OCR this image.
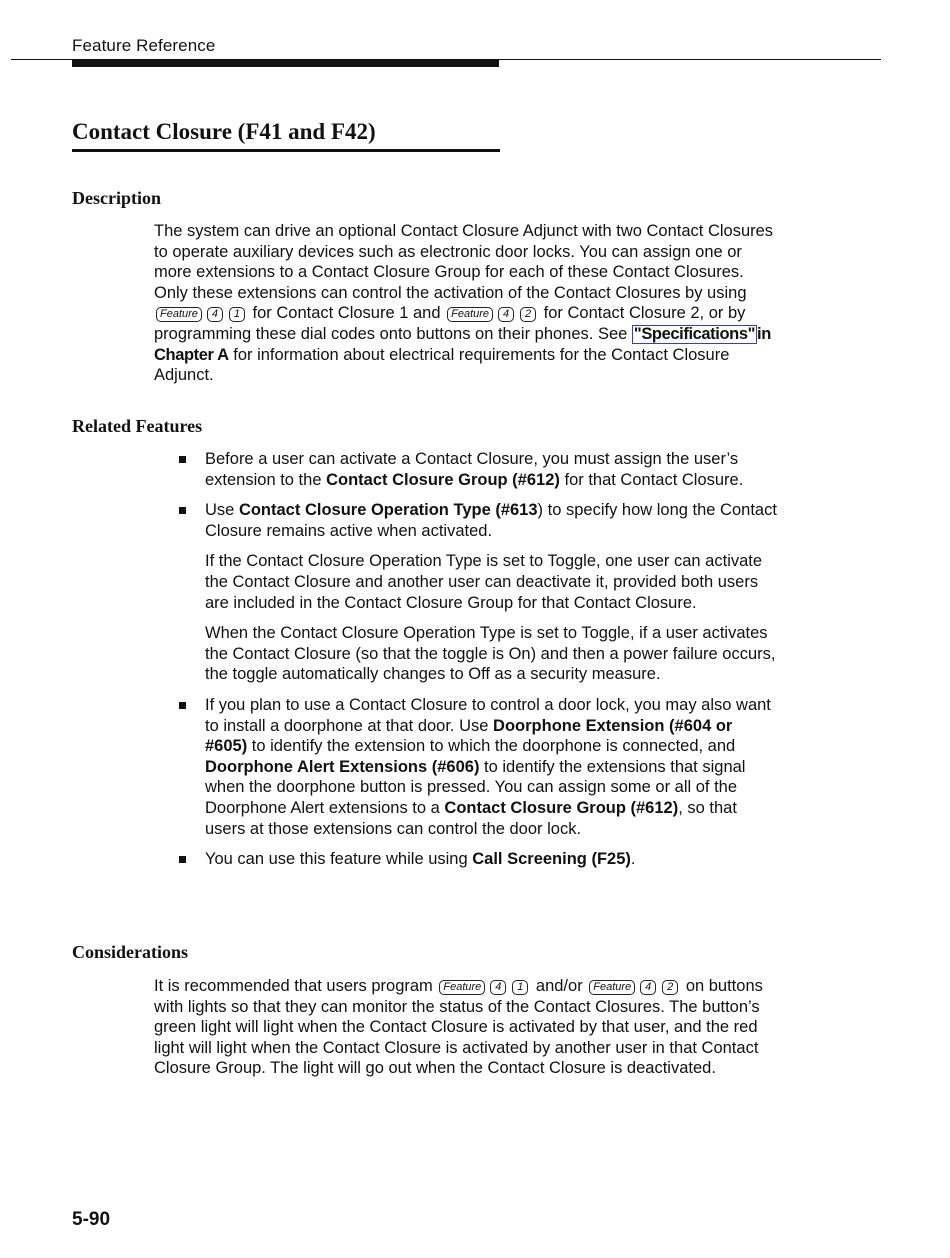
Feature Reference
Contact Closure (F41 and F42)
Description

The system can drive an optional Contact Closure Adjunct with two Contact Closures to operate auxiliary devices such as electronic door locks. You can assign one or more extensions to a Contact Closure Group for each of these Contact Closures. Only these extensions can control the activation of the Contact Closures by using Feature 4 1 for Contact Closure 1 and Feature 4 2 for Contact Closure 2, or by programming these dial codes onto buttons on their phones. See "Specifications" in Chapter A for information about electrical requirements for the Contact Closure Adjunct.

Related Features

Before a user can activate a Contact Closure, you must assign the user’s extension to the Contact Closure Group (#612) for that Contact Closure.

Use Contact Closure Operation Type (#613) to specify how long the Contact Closure remains active when activated.

If the Contact Closure Operation Type is set to Toggle, one user can activate the Contact Closure and another user can deactivate it, provided both users are included in the Contact Closure Group for that Contact Closure.

When the Contact Closure Operation Type is set to Toggle, if a user activates the Contact Closure (so that the toggle is On) and then a power failure occurs, the toggle automatically changes to Off as a security measure.

If you plan to use a Contact Closure to control a door lock, you may also want to install a doorphone at that door. Use Doorphone Extension (#604 or #605) to identify the extension to which the doorphone is connected, and Doorphone Alert Extensions (#606) to identify the extensions that signal when the doorphone button is pressed. You can assign some or all of the Doorphone Alert extensions to a Contact Closure Group (#612), so that users at those extensions can control the door lock.

You can use this feature while using Call Screening (F25).

Considerations

It is recommended that users program Feature 4 1 and/or Feature 4 2 on buttons with lights so that they can monitor the status of the Contact Closures. The button’s green light will light when the Contact Closure is activated by that user, and the red light will light when the Contact Closure is activated by another user in that Contact Closure Group. The light will go out when the Contact Closure is deactivated.

5-90
